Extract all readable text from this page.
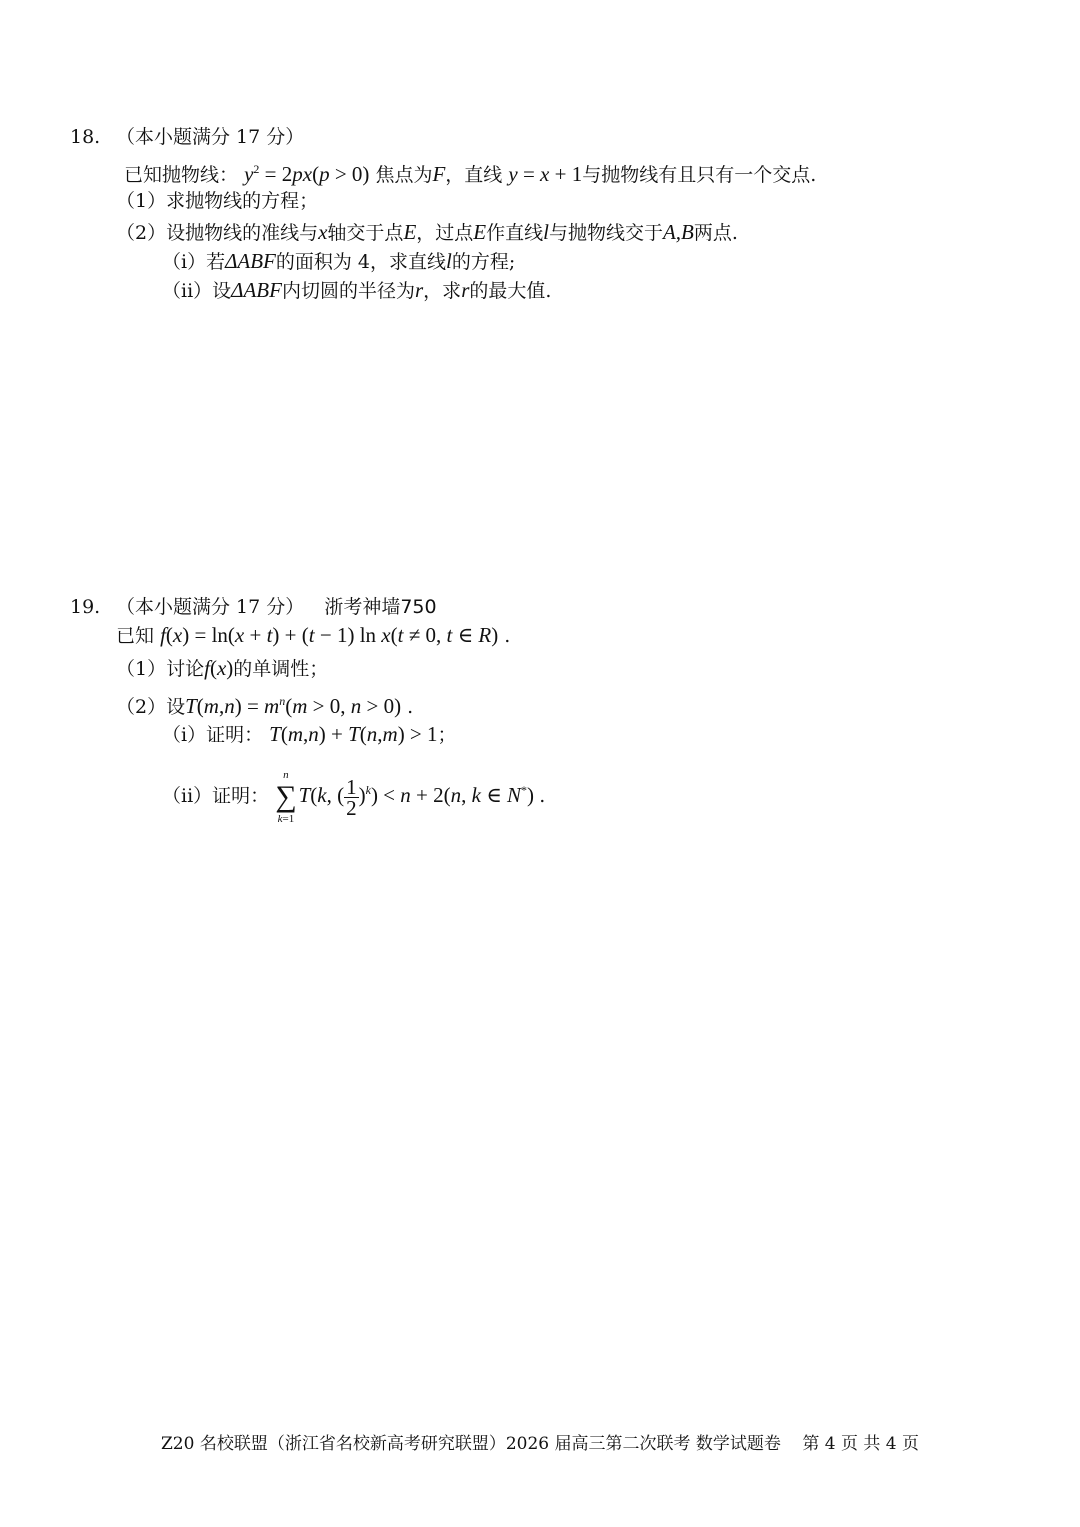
18. （本小题满分 17 分）
已知抛物线： $y^2 = 2px(p > 0)$ 焦点为F，直线 y = x + 1与抛物线有且只有一个交点.
（1）求抛物线的方程；
（2）设抛物线的准线与x轴交于点E，过点E作直线l与抛物线交于A,B两点.
（i）若ΔABF的面积为 4，求直线l的方程;
（ii）设ΔABF内切圆的半径为r，求r的最大值.
19. （本小题满分 17 分） 浙考神墙750
已知 f(x) = ln(x + t) + (t − 1) ln x(t ≠ 0, t ∈ R) .
（1）讨论f(x)的单调性；
（2）设$T(m,n) = m^n(m > 0$, n > 0) .
（i）证明： T(m,n) + T(n,m) > 1；
（ii）证明：
n
∑
k=1
T(k, ( $\frac{1}{2} )^k) < n + 2(n$, k ∈ N*) .
Z20 名校联盟（浙江省名校新高考研究联盟）2026 届高三第二次联考 数学试题卷 第 4 页 共 4 页
